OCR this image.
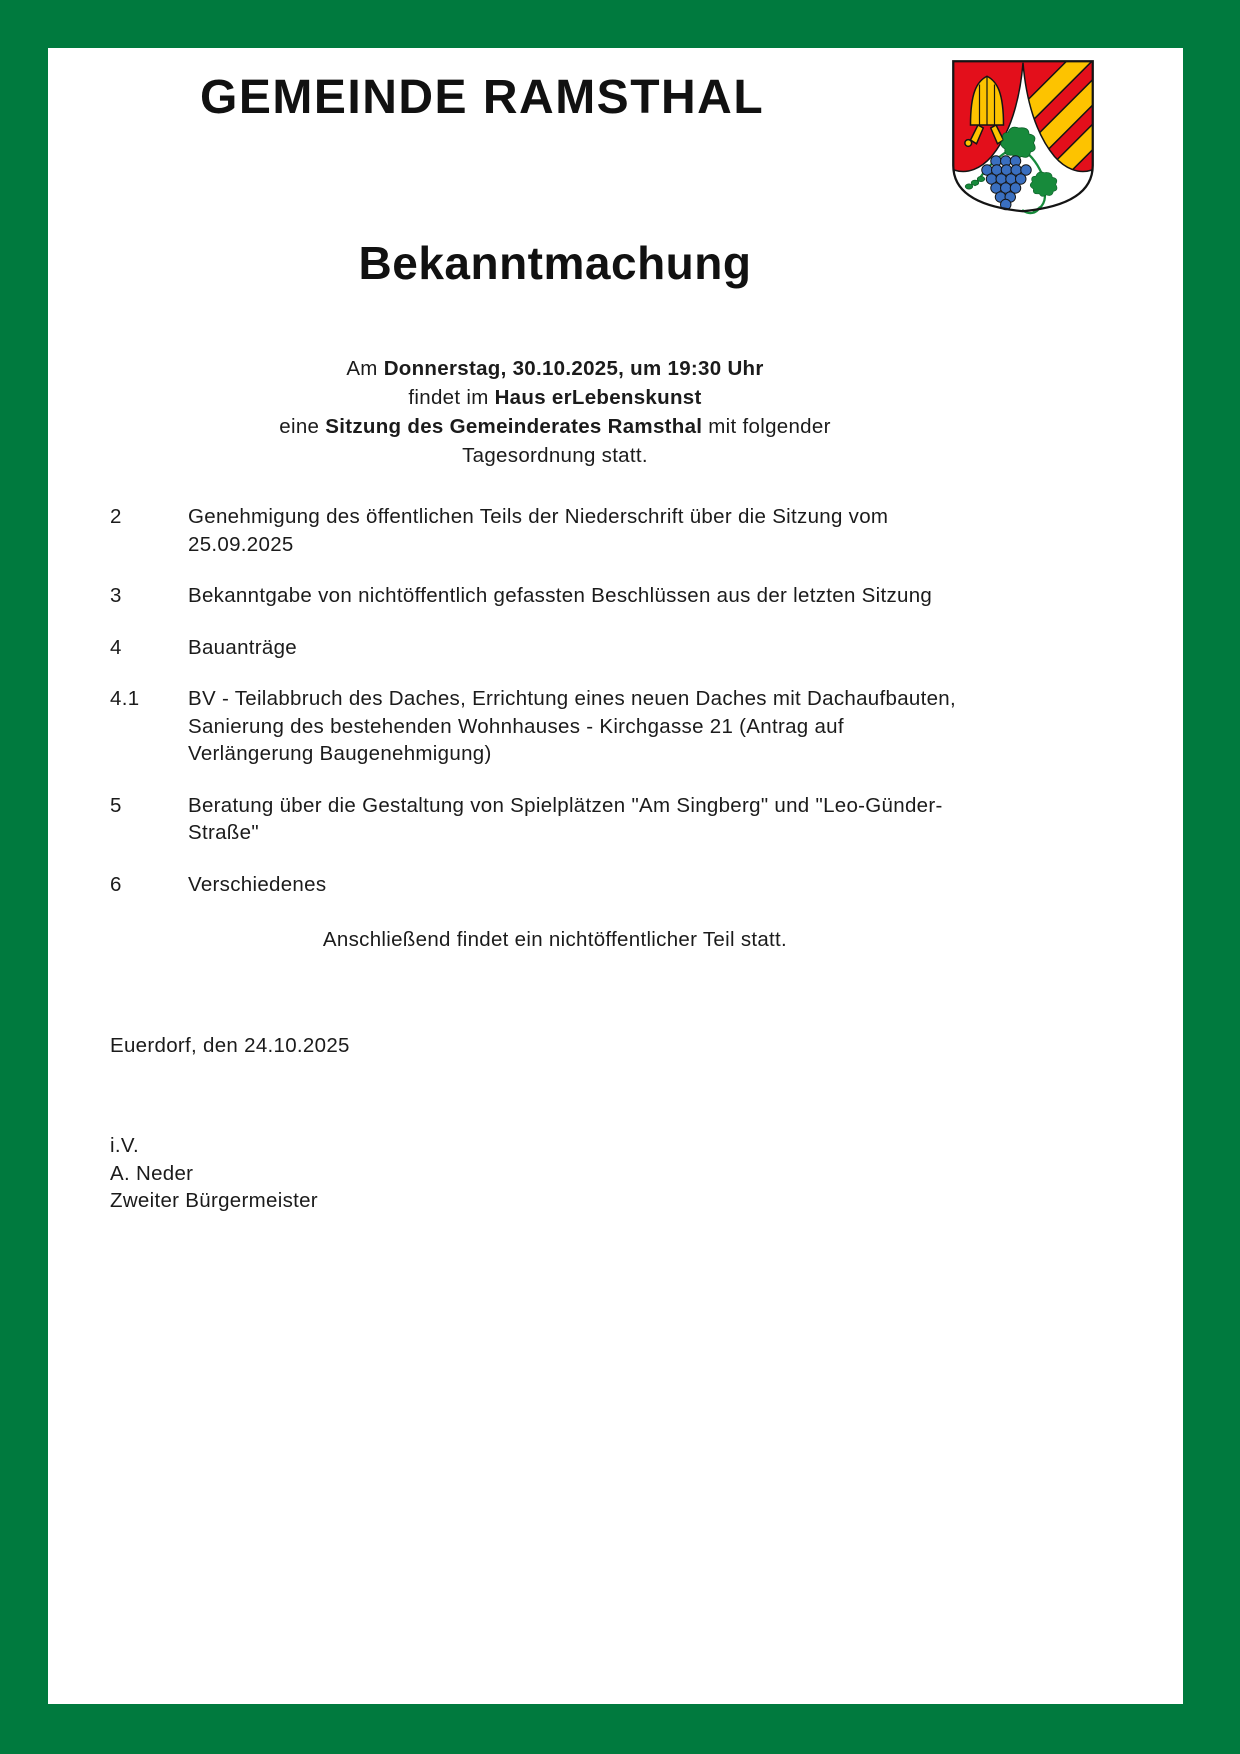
GEMEINDE RAMSTHAL
Bekanntmachung
Am Donnerstag, 30.10.2025, um 19:30 Uhr
findet im Haus erLebenskunst
eine Sitzung des Gemeinderates Ramsthal mit folgender
Tagesordnung statt.
2	Genehmigung des öffentlichen Teils der Niederschrift über die Sitzung vom
25.09.2025
3	Bekanntgabe von nichtöffentlich gefassten Beschlüssen aus der letzten Sitzung
4	Bauanträge
4.1	BV - Teilabbruch des Daches, Errichtung eines neuen Daches mit Dachaufbauten,
Sanierung des bestehenden Wohnhauses - Kirchgasse 21 (Antrag auf
Verlängerung Baugenehmigung)
5	Beratung über die Gestaltung von Spielplätzen "Am Singberg" und "Leo-Günder-
Straße"
6	Verschiedenes
Anschließend findet ein nichtöffentlicher Teil statt.
Euerdorf, den 24.10.2025
i.V.
A. Neder
Zweiter Bürgermeister
